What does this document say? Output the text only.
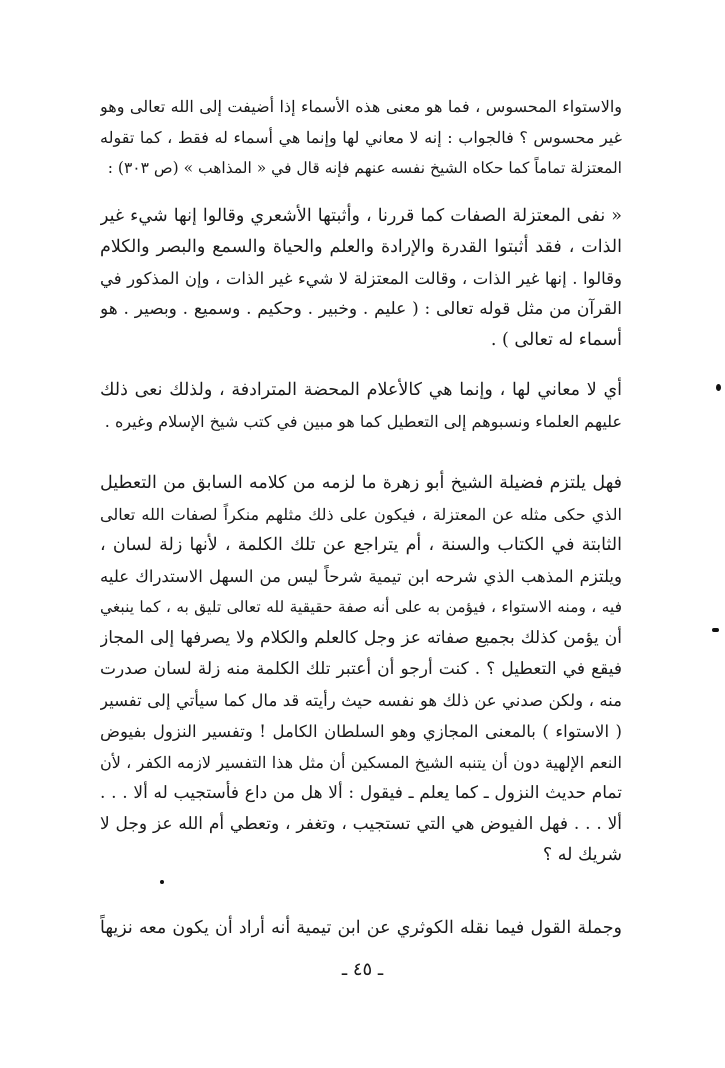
والاستواء المحسوس ، فما هو معنى هذه الأسماء إذا أضيفت إلى الله تعالى وهو
غير محسوس ؟ فالجواب : إنه لا معاني لها وإنما هي أسماء له فقط ، كما تقوله
المعتزلة تماماً كما حكاه الشيخ نفسه عنهم فإنه قال في « المذاهب » (ص ٣٠٣) :
« نفى المعتزلة الصفات كما قررنا ، وأثبتها الأشعري وقالوا إنها شيء غير
الذات ، فقد أثبتوا القدرة والإرادة والعلم والحياة والسمع والبصر والكلام
وقالوا . إنها غير الذات ، وقالت المعتزلة لا شيء غير الذات ، وإن المذكور في
القرآن من مثل قوله تعالى : ( عليم . وخبير . وحكيم . وسميع . وبصير . هو
أسماء له تعالى ) .
أي لا معاني لها ، وإنما هي كالأعلام المحضة المترادفة ، ولذلك نعى ذلك
عليهم العلماء ونسبوهم إلى التعطيل كما هو مبين في كتب شيخ الإسلام وغيره .
فهل يلتزم فضيلة الشيخ أبو زهرة ما لزمه من كلامه السابق من التعطيل
الذي حكى مثله عن المعتزلة ، فيكون على ذلك مثلهم منكراً لصفات الله تعالى
الثابتة في الكتاب والسنة ، أم يتراجع عن تلك الكلمة ، لأنها زلة لسان ،
ويلتزم المذهب الذي شرحه ابن تيمية شرحاً ليس من السهل الاستدراك عليه
فيه ، ومنه الاستواء ، فيؤمن به على أنه صفة حقيقية لله تعالى تليق به ، كما ينبغي
أن يؤمن كذلك بجميع صفاته عز وجل كالعلم والكلام ولا يصرفها إلى المجاز
فيقع في التعطيل ؟ . كنت أرجو أن أعتبر تلك الكلمة منه زلة لسان صدرت
منه ، ولكن صدني عن ذلك هو نفسه حيث رأيته قد مال كما سيأتي إلى تفسير
( الاستواء ) بالمعنى المجازي وهو السلطان الكامل ! وتفسير النزول بفيوض
النعم الإلهية دون أن يتنبه الشيخ المسكين أن مثل هذا التفسير لازمه الكفر ، لأن
تمام حديث النزول ـ كما يعلم ـ فيقول : ألا هل من داع فأستجيب له ألا . . .
ألا . . . فهل الفيوض هي التي تستجيب ، وتغفر ، وتعطي أم الله عز وجل لا
شريك له ؟
وجملة القول فيما نقله الكوثري عن ابن تيمية أنه أراد أن يكون معه نزيهاً
ـ ٤٥ ـ
